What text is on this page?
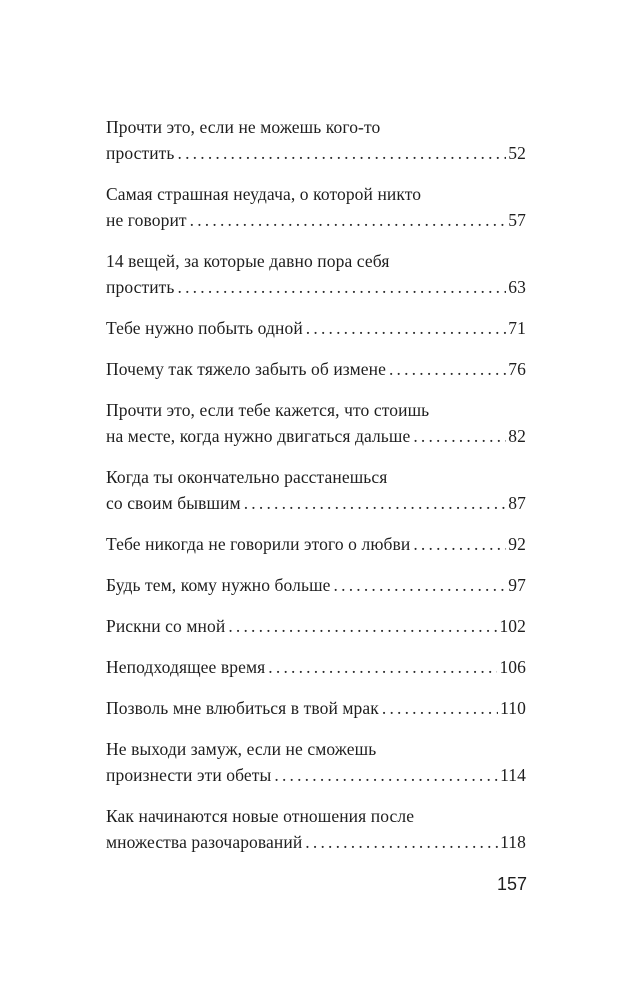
Прочти это, если не можешь кого-то
простить .....	52
Самая страшная неудача, о которой никто
не говорит .....	57
14 вещей, за которые давно пора себя
простить .....	63
Тебе нужно побыть одной .....	71
Почему так тяжело забыть об измене .....	76
Прочти это, если тебе кажется, что стоишь
на месте, когда нужно двигаться дальше .....	82
Когда ты окончательно расстанешься
со своим бывшим .....	87
Тебе никогда не говорили этого о любви .....	92
Будь тем, кому нужно больше .....	97
Рискни со мной .....	102
Неподходящее время .....	106
Позволь мне влюбиться в твой мрак .....	110
Не выходи замуж, если не сможешь
произнести эти обеты .....	114
Как начинаются новые отношения после
множества разочарований .....	118
157
